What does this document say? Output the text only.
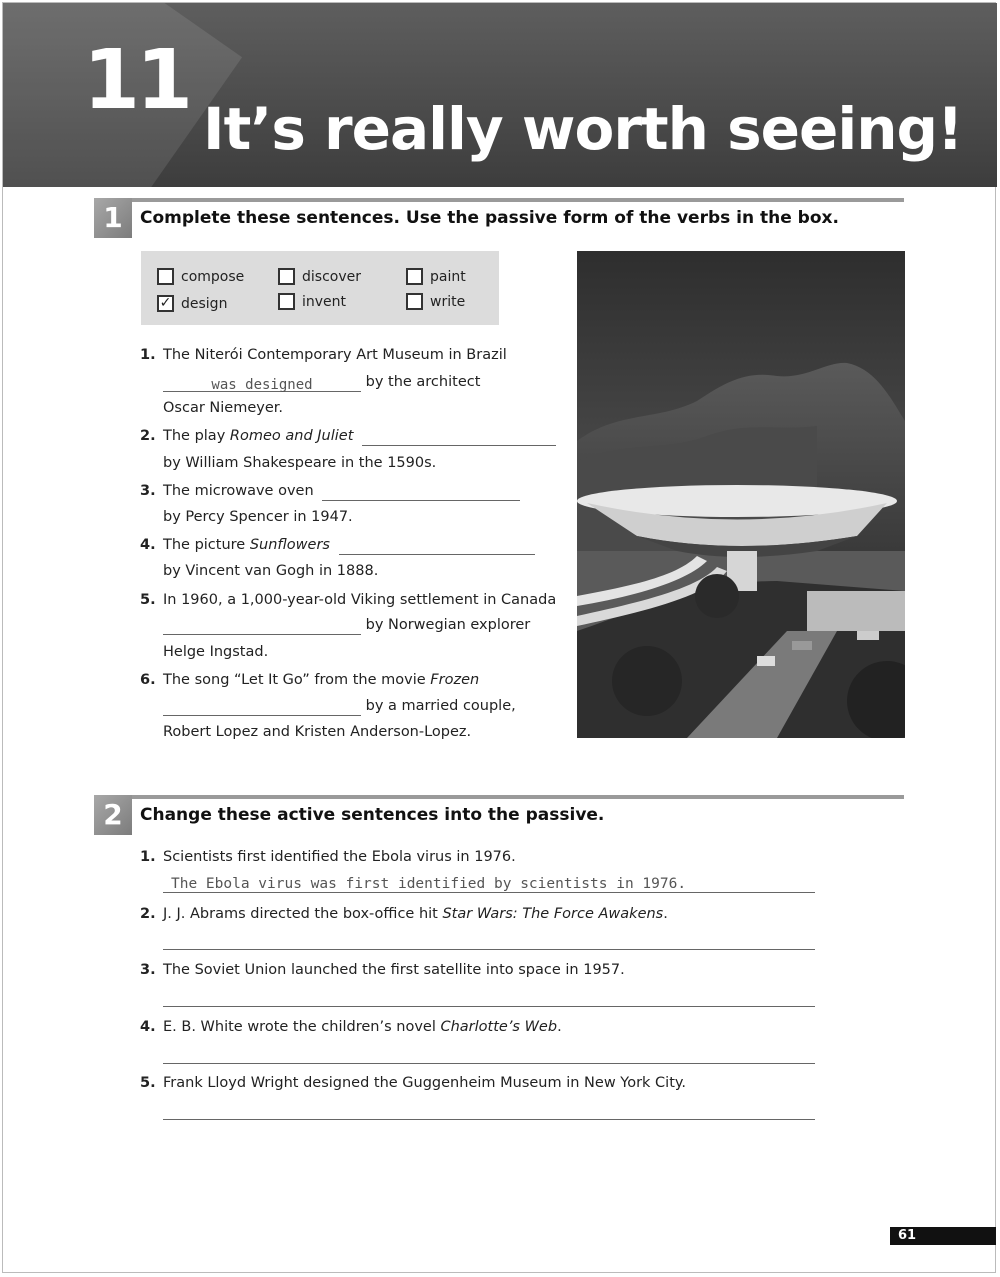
11
It’s really worth seeing!
1	Complete these sentences. Use the passive form of the verbs in the box.
compose	discover	paint
✓ design	invent	write
1. The Niterói Contemporary Art Museum in Brazil
was designed	by the architect
Oscar Niemeyer.
2. The play Romeo and Juliet
by William Shakespeare in the 1590s.
3. The microwave oven
by Percy Spencer in 1947.
4. The picture Sunflowers
by Vincent van Gogh in 1888.
5. In 1960, a 1,000-year-old Viking settlement in Canada
by Norwegian explorer
Helge Ingstad.
6. The song “Let It Go” from the movie Frozen
by a married couple,
Robert Lopez and Kristen Anderson-Lopez.
2	Change these active sentences into the passive.
1. Scientists first identified the Ebola virus in 1976.
The Ebola virus was first identified by scientists in 1976.
2. J. J. Abrams directed the box-office hit Star Wars: The Force Awakens.
3. The Soviet Union launched the first satellite into space in 1957.
4. E. B. White wrote the children’s novel Charlotte’s Web.
5. Frank Lloyd Wright designed the Guggenheim Museum in New York City.
61
